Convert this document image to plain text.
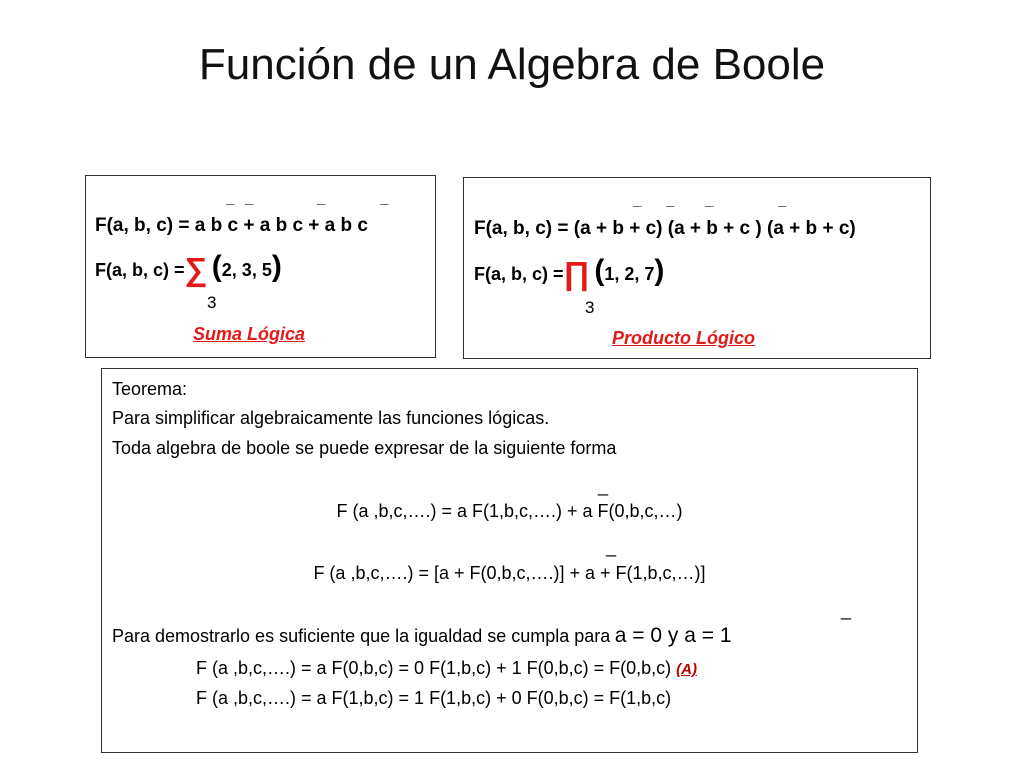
Función de un Algebra de Boole
_ _	_	_
F(a, b, c) = a b c + a b c + a b c
F(a, b, c) =∑ (2, 3, 5)
3
Suma Lógica
_ _ _	_
F(a, b, c) = (a + b + c) (a + b + c ) (a + b + c)
F(a, b, c) =∏ (1, 2, 7)
3
Producto Lógico
Teorema:
Para simplificar algebraicamente las funciones lógicas.
Toda algebra de boole se puede expresar de la siguiente forma
_
F (a ,b,c,….) = a F(1,b,c,….) + a F(0,b,c,…)
_
F (a ,b,c,….) = [a + F(0,b,c,….)] + a + F(1,b,c,…)]
_
Para demostrarlo es suficiente que la igualdad se cumpla para a = 0 y a = 1
F (a ,b,c,….) = a F(0,b,c) = 0 F(1,b,c) + 1 F(0,b,c) = F(0,b,c) (A)
F (a ,b,c,….) = a F(1,b,c) = 1 F(1,b,c) + 0 F(0,b,c) = F(1,b,c)
